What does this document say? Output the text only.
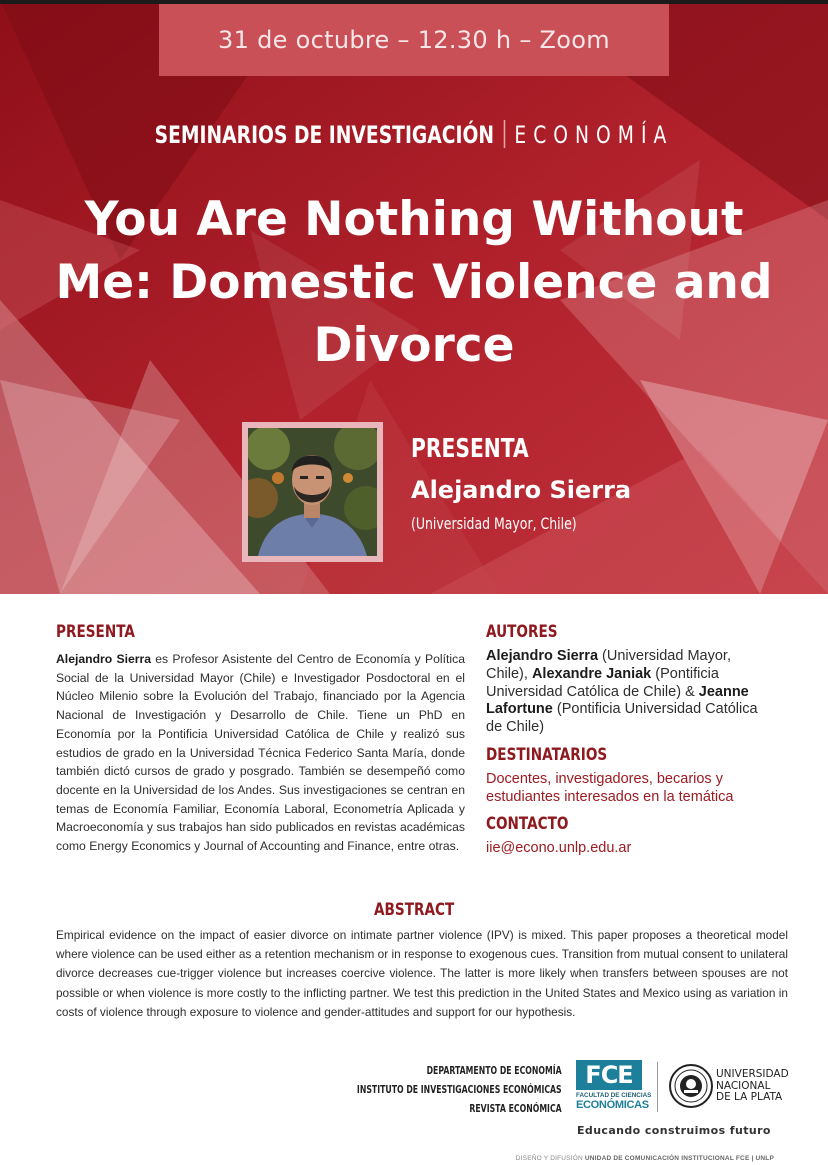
31 de octubre – 12.30 h – Zoom
SEMINARIOS DE INVESTIGACIÓN ECONOMÍA
You Are Nothing Without
Me: Domestic Violence and
Divorce
PRESENTA
Alejandro Sierra
(Universidad Mayor, Chile)
PRESENTA

Alejandro Sierra es Profesor Asistente del Centro de Economía y Política Social de la Universidad Mayor (Chile) e Investigador Posdoctoral en el Núcleo Milenio sobre la Evolución del Trabajo, financiado por la Agencia Nacional de Investigación y Desarrollo de Chile. Tiene un PhD en Economía por la Pontificia Universidad Católica de Chile y realizó sus estudios de grado en la Universidad Técnica Federico Santa María, donde también dictó cursos de grado y posgrado. También se desempeñó como docente en la Universidad de los Andes. Sus investigaciones se centran en temas de Economía Familiar, Economía Laboral, Econometría Aplicada y Macroeconomía y sus trabajos han sido publicados en revistas académicas como Energy Economics y Journal of Accounting and Finance, entre otras.

AUTORES

Alejandro Sierra (Universidad Mayor, Chile), Alexandre Janiak (Pontificia Universidad Católica de Chile) & Jeanne Lafortune (Pontificia Universidad Católica de Chile)

DESTINATARIOS

Docentes, investigadores, becarios y estudiantes interesados en la temática

CONTACTO

iie@econo.unlp.edu.ar

ABSTRACT

Empirical evidence on the impact of easier divorce on intimate partner violence (IPV) is mixed. This paper proposes a theoretical model where violence can be used either as a retention mechanism or in response to exogenous cues. Transition from mutual consent to unilateral divorce decreases cue-trigger violence but increases coercive violence. The latter is more likely when transfers between spouses are not possible or when violence is more costly to the inflicting partner. We test this prediction in the United States and Mexico using as variation in costs of violence through exposure to violence and gender-attitudes and support for our hypothesis.

DEPARTAMENTO DE ECONOMÍA
INSTITUTO DE INVESTIGACIONES ECONÓMICAS
REVISTA ECONÓMICA
FCE
FACULTAD DE CIENCIAS
ECONÓMICAS
UNIVERSIDAD
NACIONAL
DE LA PLATA
Educando construimos futuro
DISEÑO Y DIFUSIÓN UNIDAD DE COMUNICACIÓN INSTITUCIONAL FCE | UNLP
